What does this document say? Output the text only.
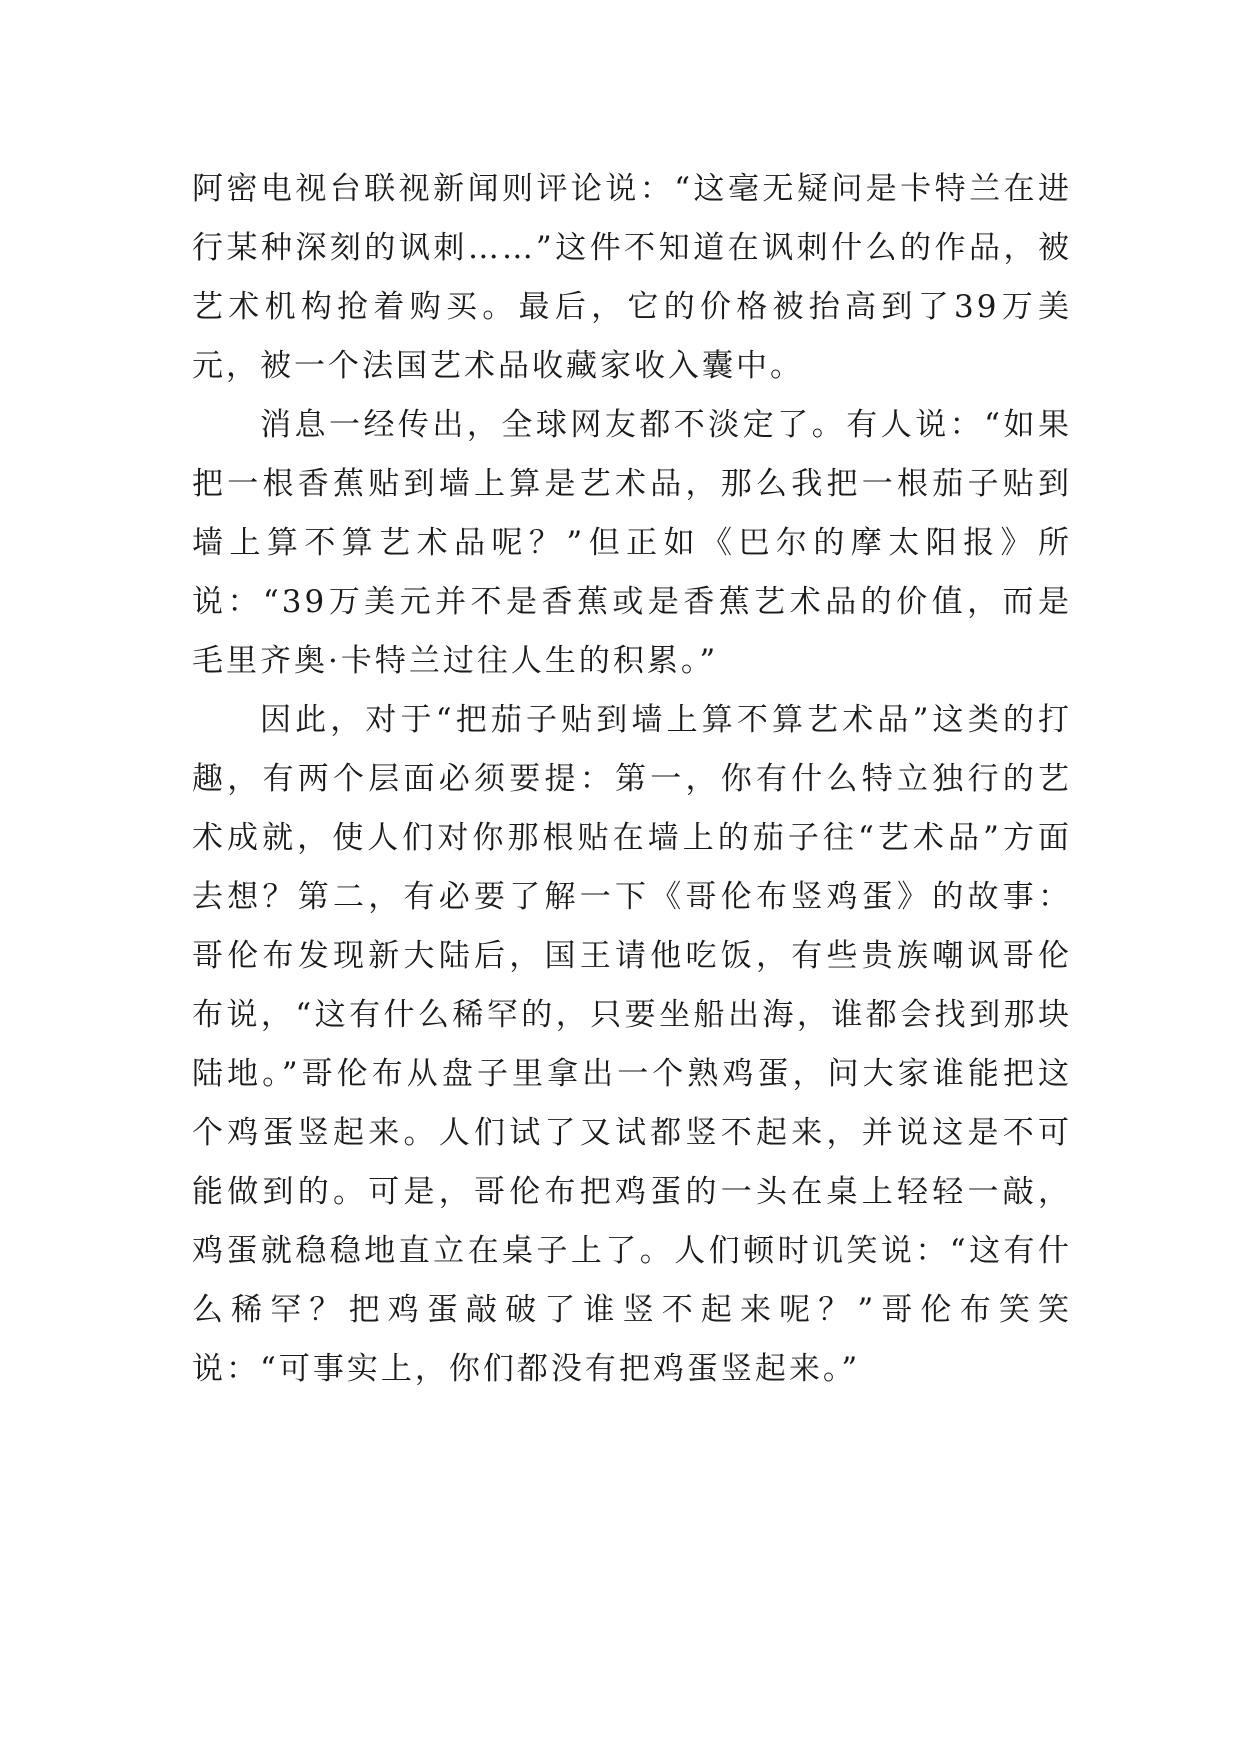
阿密电视台联视新闻则评论说：“这毫无疑问是卡特兰在进行某种深刻的讽刺……”这件不知道在讽刺什么的作品，被艺术机构抢着购买。最后，它的价格被抬高到了39万美元，被一个法国艺术品收藏家收入囊中。

消息一经传出，全球网友都不淡定了。有人说：“如果把一根香蕉贴到墙上算是艺术品，那么我把一根茄子贴到墙上算不算艺术品呢？”但正如《巴尔的摩太阳报》所说：“39万美元并不是香蕉或是香蕉艺术品的价值，而是毛里齐奥·卡特兰过往人生的积累。”

因此，对于“把茄子贴到墙上算不算艺术品”这类的打趣，有两个层面必须要提：第一，你有什么特立独行的艺术成就，使人们对你那根贴在墙上的茄子往“艺术品”方面去想？第二，有必要了解一下《哥伦布竖鸡蛋》的故事：哥伦布发现新大陆后，国王请他吃饭，有些贵族嘲讽哥伦布说，“这有什么稀罕的，只要坐船出海，谁都会找到那块陆地。”哥伦布从盘子里拿出一个熟鸡蛋，问大家谁能把这个鸡蛋竖起来。人们试了又试都竖不起来，并说这是不可能做到的。可是，哥伦布把鸡蛋的一头在桌上轻轻一敲，鸡蛋就稳稳地直立在桌子上了。人们顿时讥笑说：“这有什么稀罕？把鸡蛋敲破了谁竖不起来呢？”哥伦布笑笑说：“可事实上，你们都没有把鸡蛋竖起来。”
